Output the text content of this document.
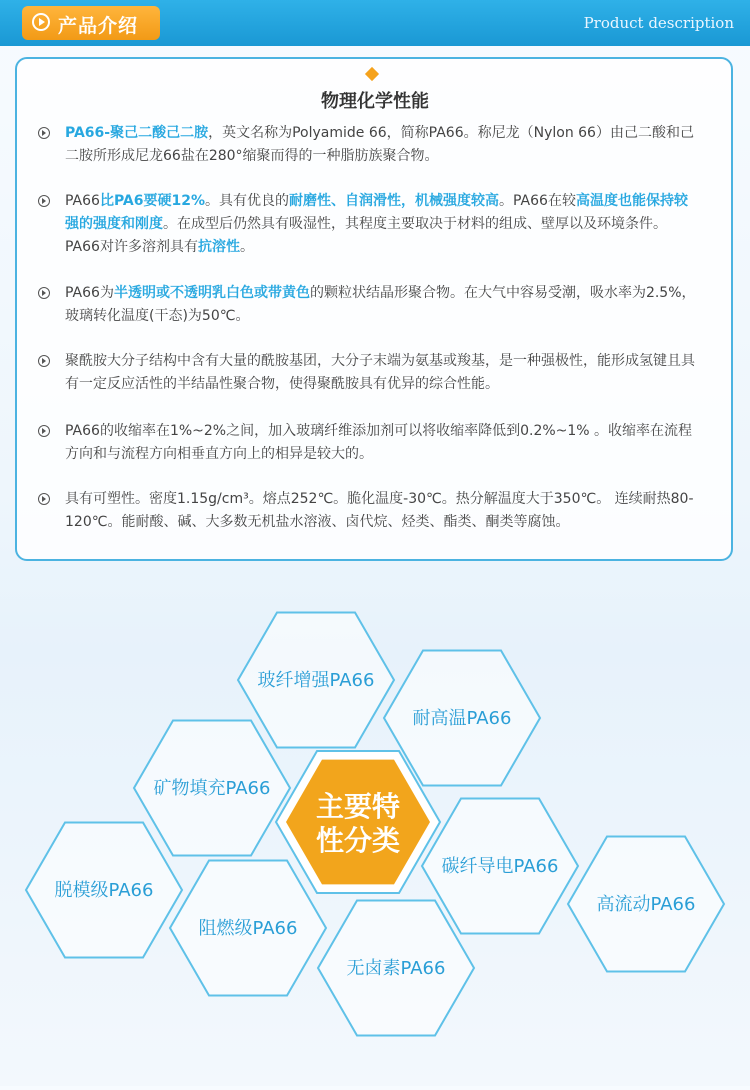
产品介绍	Product description
物理化学性能
PA66-聚己二酸己二胺，英文名称为Polyamide 66，简称PA66。称尼龙（Nylon 66）由己二酸和己二胺所形成尼龙66盐在280°缩聚而得的一种脂肪族聚合物。
PA66比PA6要硬12%。具有优良的耐磨性、自润滑性，机械强度较高。PA66在较高温度也能保持较强的强度和刚度。在成型后仍然具有吸湿性，其程度主要取决于材料的组成、壁厚以及环境条件。PA66对许多溶剂具有抗溶性。
PA66为半透明或不透明乳白色或带黄色的颗粒状结晶形聚合物。在大气中容易受潮，吸水率为2.5%，玻璃转化温度(干态)为50℃。
聚酰胺大分子结构中含有大量的酰胺基团，大分子末端为氨基或羧基，是一种强极性，能形成氢键且具有一定反应活性的半结晶性聚合物，使得聚酰胺具有优异的综合性能。
PA66的收缩率在1%~2%之间，加入玻璃纤维添加剂可以将收缩率降低到0.2%~1% 。收缩率在流程方向和与流程方向相垂直方向上的相异是较大的。
具有可塑性。密度1.15g/cm³。熔点252℃。脆化温度-30℃。热分解温度大于350℃。 连续耐热80-120℃。能耐酸、碱、大多数无机盐水溶液、卤代烷、烃类、酯类、酮类等腐蚀。
玻纤增强PA66
耐高温PA66
矿物填充PA66
碳纤导电PA66
脱模级PA66
阻燃级PA66
高流动PA66
无卤素PA66
主要特
性分类
